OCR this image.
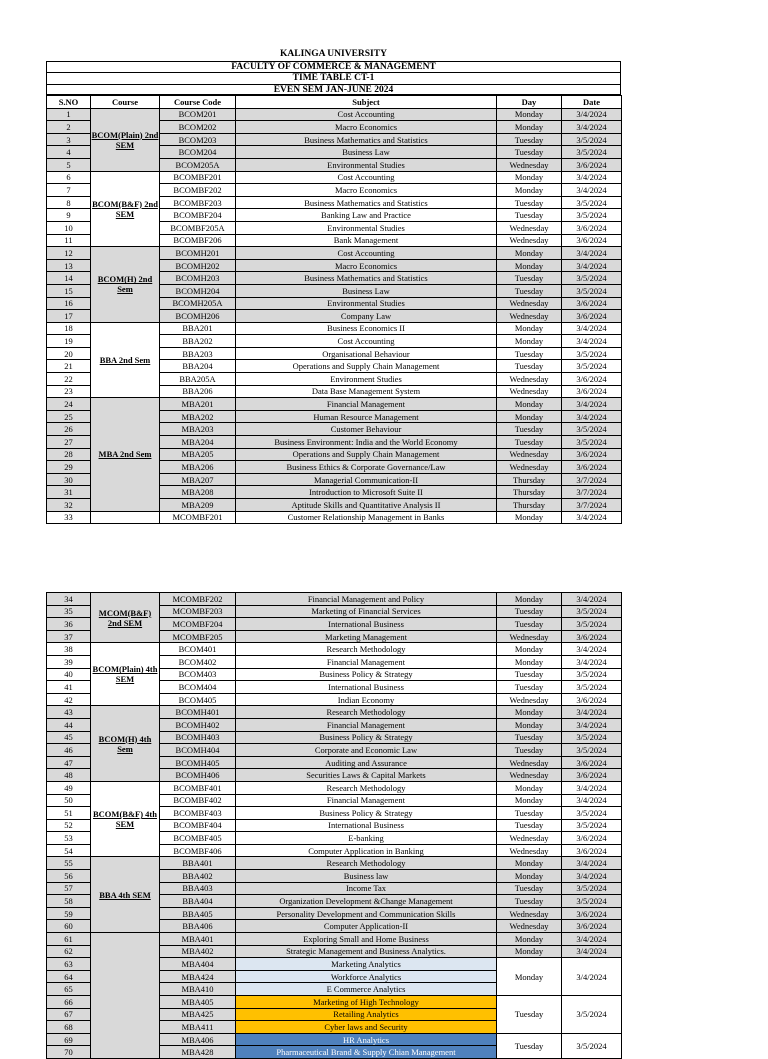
KALINGA UNIVERSITY
FACULTY OF COMMERCE & MANAGEMENT
TIME TABLE CT-1
EVEN SEM JAN-JUNE 2024
S.NO	Course	Course Code	Subject	Day	Date
1	BCOM(Plain) 2nd SEM	BCOM201	Cost Accounting	Monday	3/4/2024
2		BCOM202	Macro Economics	Monday	3/4/2024
3		BCOM203	Business Mathematics and Statistics	Tuesday	3/5/2024
4		BCOM204	Business Law	Tuesday	3/5/2024
5		BCOM205A	Environmental Studies	Wednesday	3/6/2024
6	BCOM(B&F) 2nd SEM	BCOMBF201	Cost Accounting	Monday	3/4/2024
7		BCOMBF202	Macro Economics	Monday	3/4/2024
8		BCOMBF203	Business Mathematics and Statistics	Tuesday	3/5/2024
9		BCOMBF204	Banking Law and Practice	Tuesday	3/5/2024
10		BCOMBF205A	Environmental Studies	Wednesday	3/6/2024
11		BCOMBF206	Bank Management	Wednesday	3/6/2024
12	BCOM(H) 2nd Sem	BCOMH201	Cost Accounting	Monday	3/4/2024
13		BCOMH202	Macro Economics	Monday	3/4/2024
14		BCOMH203	Business Mathematics and Statistics	Tuesday	3/5/2024
15		BCOMH204	Business Law	Tuesday	3/5/2024
16		BCOMH205A	Environmental Studies	Wednesday	3/6/2024
17		BCOMH206	Company Law	Wednesday	3/6/2024
18	BBA 2nd Sem	BBA201	Business Economics II	Monday	3/4/2024
19		BBA202	Cost Accounting	Monday	3/4/2024
20		BBA203	Organisational Behaviour	Tuesday	3/5/2024
21		BBA204	Operations and Supply Chain Management	Tuesday	3/5/2024
22		BBA205A	Environment Studies	Wednesday	3/6/2024
23		BBA206	Data Base Management System	Wednesday	3/6/2024
24	MBA 2nd Sem	MBA201	Financial Management	Monday	3/4/2024
25		MBA202	Human Resource Management	Monday	3/4/2024
26		MBA203	Customer Behaviour	Tuesday	3/5/2024
27		MBA204	Business Environment: India and the World Economy	Tuesday	3/5/2024
28		MBA205	Operations and Supply Chain Management	Wednesday	3/6/2024
29		MBA206	Business Ethics & Corporate Governance/Law	Wednesday	3/6/2024
30		MBA207	Managerial Communication-II	Thursday	3/7/2024
31		MBA208	Introduction to Microsoft Suite II	Thursday	3/7/2024
32		MBA209	Aptitude Skills and Quantitative Analysis II	Thursday	3/7/2024
33		MCOMBF201	Customer Relationship Management in Banks	Monday	3/4/2024
34	MCOM(B&F) 2nd SEM	MCOMBF202	Financial Management and Policy	Monday	3/4/2024
35		MCOMBF203	Marketing of Financial Services	Tuesday	3/5/2024
36		MCOMBF204	International Business	Tuesday	3/5/2024
37		MCOMBF205	Marketing Management	Wednesday	3/6/2024
38	BCOM(Plain) 4th SEM	BCOM401	Research Methodology	Monday	3/4/2024
39		BCOM402	Financial Management	Monday	3/4/2024
40		BCOM403	Business Policy & Strategy	Tuesday	3/5/2024
41		BCOM404	International Business	Tuesday	3/5/2024
42		BCOM405	Indian Economy	Wednesday	3/6/2024
43	BCOM(H) 4th Sem	BCOMH401	Research Methodology	Monday	3/4/2024
44		BCOMH402	Financial Management	Monday	3/4/2024
45		BCOMH403	Business Policy & Strategy	Tuesday	3/5/2024
46		BCOMH404	Corporate and Economic Law	Tuesday	3/5/2024
47		BCOMH405	Auditing and Assurance	Wednesday	3/6/2024
48		BCOMH406	Securities Laws & Capital Markets	Wednesday	3/6/2024
49	BCOM(B&F) 4th SEM	BCOMBF401	Research Methodology	Monday	3/4/2024
50		BCOMBF402	Financial Management	Monday	3/4/2024
51		BCOMBF403	Business Policy & Strategy	Tuesday	3/5/2024
52		BCOMBF404	International Business	Tuesday	3/5/2024
53		BCOMBF405	E-banking	Wednesday	3/6/2024
54		BCOMBF406	Computer Application in Banking	Wednesday	3/6/2024
55	BBA 4th SEM	BBA401	Research Methodology	Monday	3/4/2024
56		BBA402	Business law	Monday	3/4/2024
57		BBA403	Income Tax	Tuesday	3/5/2024
58		BBA404	Organization Development &Change Management	Tuesday	3/5/2024
59		BBA405	Personality Development and Communication Skills	Wednesday	3/6/2024
60		BBA406	Computer Application-II	Wednesday	3/6/2024
61		MBA401	Exploring Small and Home Business	Monday	3/4/2024
62		MBA402	Strategic Management and Business Analytics.	Monday	3/4/2024
63		MBA404	Marketing Analytics	Monday	3/4/2024
64		MBA424	Workforce Analytics		
65		MBA410	E Commerce Analytics		
66		MBA405	Marketing of High Technology	Tuesday	3/5/2024
67		MBA425	Retailing Analytics		
68		MBA411	Cyber laws and Security		
69		MBA406	HR Analytics	Tuesday	3/5/2024
70		MBA428	Pharmaceutical Brand & Supply Chian Management		
